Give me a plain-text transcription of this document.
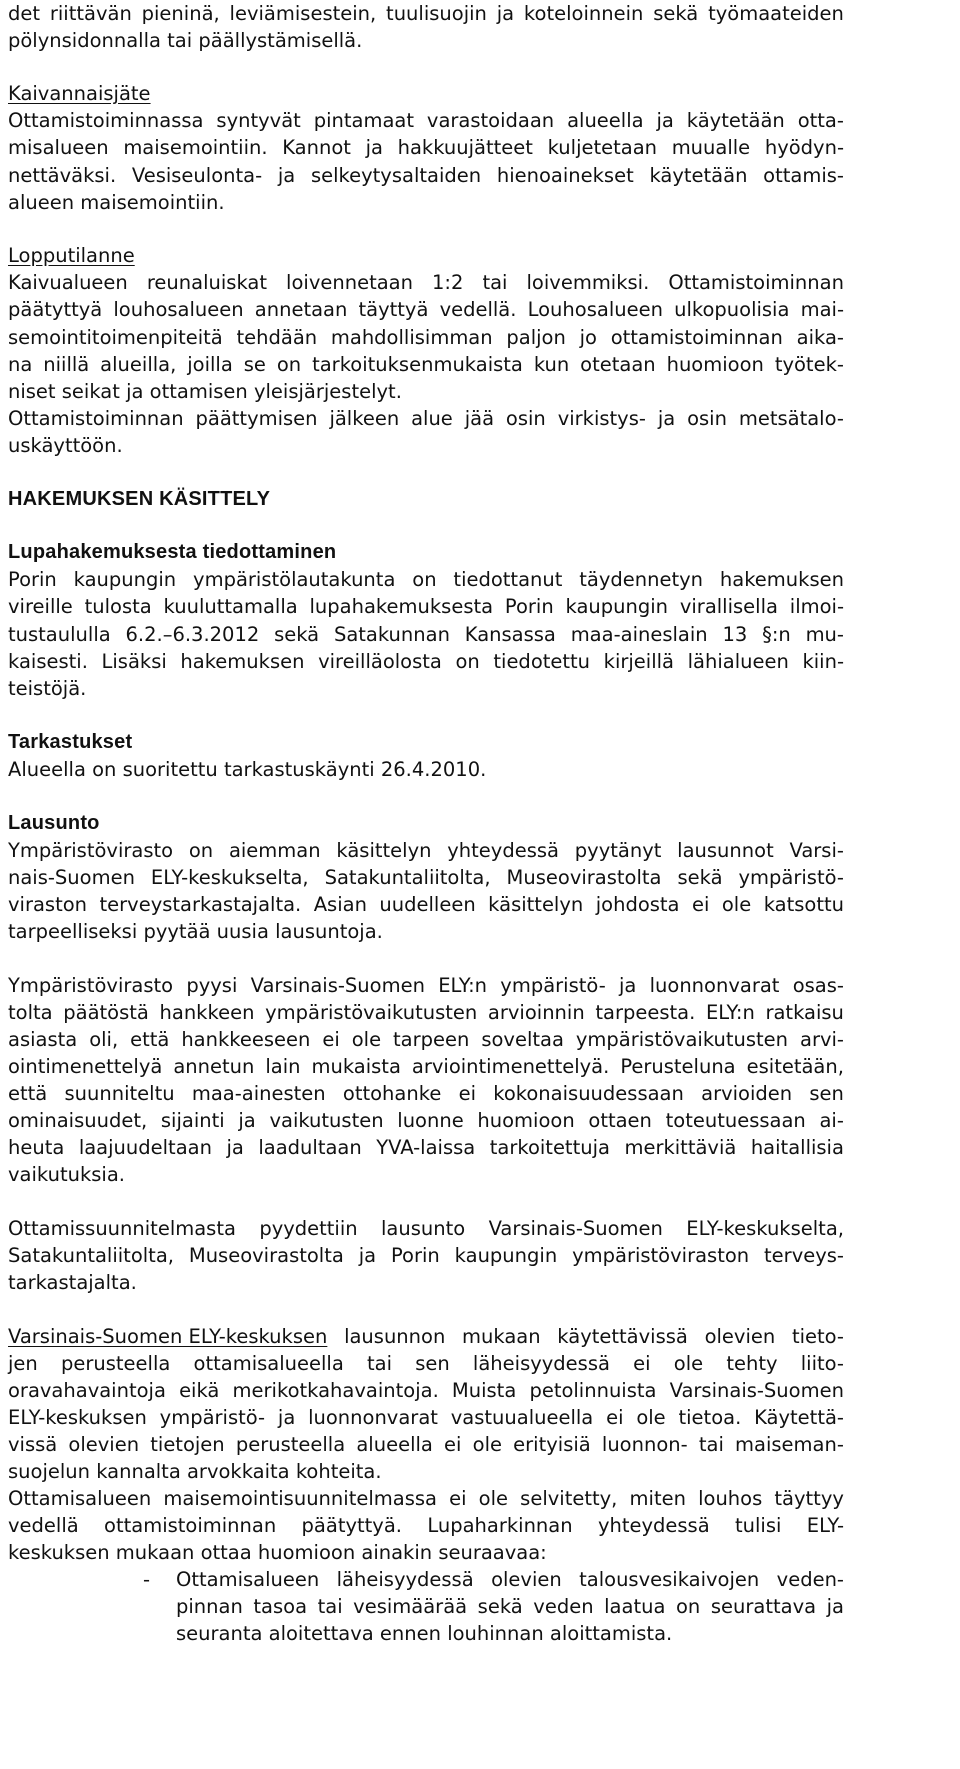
det riittävän pieninä, leviämisestein, tuulisuojin ja koteloinnein sekä työmaateiden
pölynsidonnalla tai päällystämisellä.
Kaivannaisjäte
Ottamistoiminnassa syntyvät pintamaat varastoidaan alueella ja käytetään otta-
misalueen maisemointiin. Kannot ja hakkuujätteet kuljetetaan muualle hyödyn-
nettäväksi. Vesiseulonta- ja selkeytysaltaiden hienoainekset käytetään ottamis-
alueen maisemointiin.
Lopputilanne
Kaivualueen reunaluiskat loivennetaan 1:2 tai loivemmiksi. Ottamistoiminnan
päätyttyä louhosalueen annetaan täyttyä vedellä. Louhosalueen ulkopuolisia mai-
semointitoimenpiteitä tehdään mahdollisimman paljon jo ottamistoiminnan aika-
na niillä alueilla, joilla se on tarkoituksenmukaista kun otetaan huomioon työtek-
niset seikat ja ottamisen yleisjärjestelyt.
Ottamistoiminnan päättymisen jälkeen alue jää osin virkistys- ja osin metsätalo-
uskäyttöön.
HAKEMUKSEN KÄSITTELY
Lupahakemuksesta tiedottaminen
Porin kaupungin ympäristölautakunta on tiedottanut täydennetyn hakemuksen
vireille tulosta kuuluttamalla lupahakemuksesta Porin kaupungin virallisella ilmoi-
tustaululla 6.2.–6.3.2012 sekä Satakunnan Kansassa maa-aineslain 13 §:n mu-
kaisesti. Lisäksi hakemuksen vireilläolosta on tiedotettu kirjeillä lähialueen kiin-
teistöjä.
Tarkastukset
Alueella on suoritettu tarkastuskäynti 26.4.2010.
Lausunto
Ympäristövirasto on aiemman käsittelyn yhteydessä pyytänyt lausunnot Varsi-
nais-Suomen ELY-keskukselta, Satakuntaliitolta, Museovirastolta sekä ympäristö-
viraston terveystarkastajalta. Asian uudelleen käsittelyn johdosta ei ole katsottu
tarpeelliseksi pyytää uusia lausuntoja.
Ympäristövirasto pyysi Varsinais-Suomen ELY:n ympäristö- ja luonnonvarat osas-
tolta päätöstä hankkeen ympäristövaikutusten arvioinnin tarpeesta. ELY:n ratkaisu
asiasta oli, että hankkeeseen ei ole tarpeen soveltaa ympäristövaikutusten arvi-
ointimenettelyä annetun lain mukaista arviointimenettelyä. Perusteluna esitetään,
että suunniteltu maa-ainesten ottohanke ei kokonaisuudessaan arvioiden sen
ominaisuudet, sijainti ja vaikutusten luonne huomioon ottaen toteutuessaan ai-
heuta laajuudeltaan ja laadultaan YVA-laissa tarkoitettuja merkittäviä haitallisia
vaikutuksia.
Ottamissuunnitelmasta pyydettiin lausunto Varsinais-Suomen ELY-keskukselta,
Satakuntaliitolta, Museovirastolta ja Porin kaupungin ympäristöviraston terveys-
tarkastajalta.
Varsinais-Suomen ELY-keskuksen lausunnon mukaan käytettävissä olevien tieto-
jen perusteella ottamisalueella tai sen läheisyydessä ei ole tehty liito-
oravahavaintoja eikä merikotkahavaintoja. Muista petolinnuista Varsinais-Suomen
ELY-keskuksen ympäristö- ja luonnonvarat vastuualueella ei ole tietoa. Käytettä-
vissä olevien tietojen perusteella alueella ei ole erityisiä luonnon- tai maiseman-
suojelun kannalta arvokkaita kohteita.
Ottamisalueen maisemointisuunnitelmassa ei ole selvitetty, miten louhos täyttyy
vedellä ottamistoiminnan päätyttyä. Lupaharkinnan yhteydessä tulisi ELY-
keskuksen mukaan ottaa huomioon ainakin seuraavaa:
Ottamisalueen läheisyydessä olevien talousvesikaivojen veden-
pinnan tasoa tai vesimäärää sekä veden laatua on seurattava ja
seuranta aloitettava ennen louhinnan aloittamista.
-
